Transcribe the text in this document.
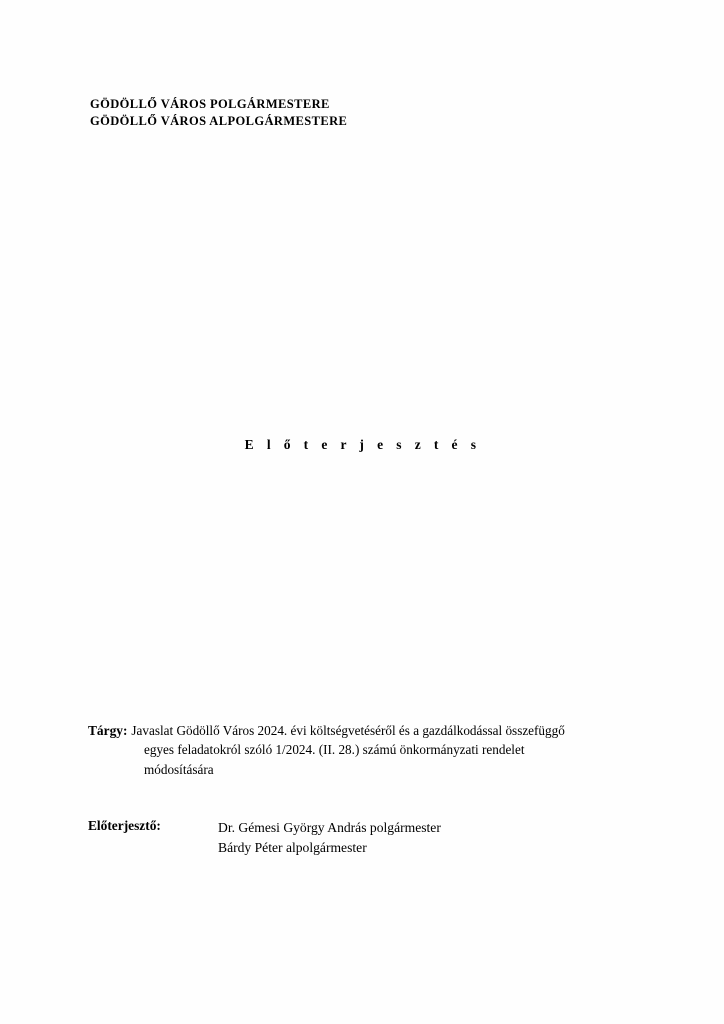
GÖDÖLLŐ VÁROS POLGÁRMESTERE
GÖDÖLLŐ VÁROS ALPOLGÁRMESTERE
E l ő t e r j e s z t é s
Tárgy: Javaslat Gödöllő Város 2024. évi költségvetéséről és a gazdálkodással összefüggő
egyes feladatokról szóló 1/2024. (II. 28.) számú önkormányzati rendelet
módosítására
Előterjesztő:	Dr. Gémesi György András polgármester
Bárdy Péter alpolgármester
